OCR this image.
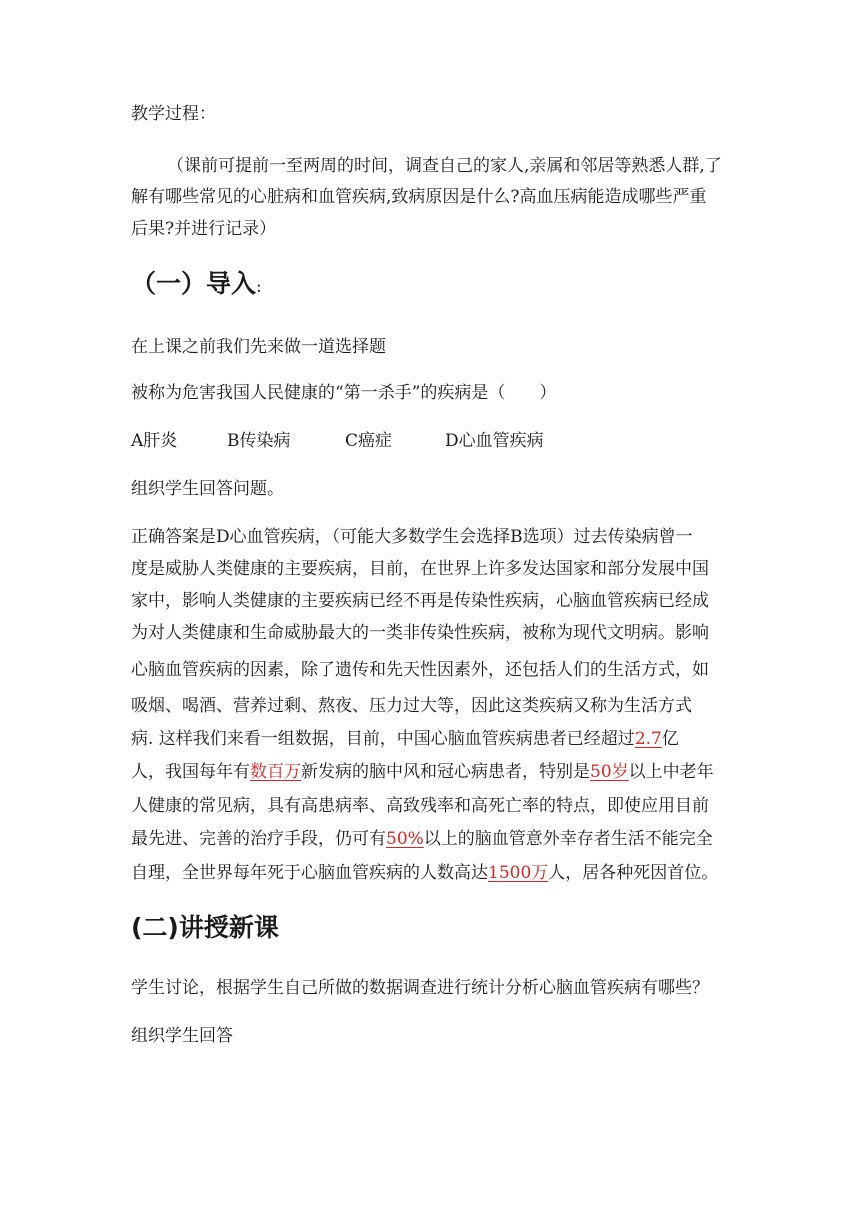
教学过程：

（课前可提前一至两周的时间，调查自己的家人,亲属和邻居等熟悉人群,了

解有哪些常见的心脏病和血管疾病,致病原因是什么?高血压病能造成哪些严重

后果?并进行记录）

（一）导入:

在上课之前我们先来做一道选择题

被称为危害我国人民健康的“第一杀手”的疾病是（　　）

A肝炎	B传染病	C癌症	D心血管疾病

组织学生回答问题。

正确答案是D心血管疾病，（可能大多数学生会选择B选项）过去传染病曾一

度是威胁人类健康的主要疾病，目前，在世界上许多发达国家和部分发展中国

家中，影响人类健康的主要疾病已经不再是传染性疾病，心脑血管疾病已经成

为对人类健康和生命威胁最大的一类非传染性疾病，被称为现代文明病。影响

心脑血管疾病的因素，除了遗传和先天性因素外，还包括人们的生活方式，如

吸烟、喝酒、营养过剩、熬夜、压力过大等，因此这类疾病又称为生活方式

病. 这样我们来看一组数据，目前，中国心脑血管疾病患者已经超过2.7亿

人，我国每年有数百万新发病的脑中风和冠心病患者，特别是50岁以上中老年

人健康的常见病，具有高患病率、高致残率和高死亡率的特点，即使应用目前

最先进、完善的治疗手段，仍可有50%以上的脑血管意外幸存者生活不能完全

自理，全世界每年死于心脑血管疾病的人数高达1500万人，居各种死因首位。

(二)讲授新课

学生讨论，根据学生自己所做的数据调查进行统计分析心脑血管疾病有哪些？

组织学生回答
